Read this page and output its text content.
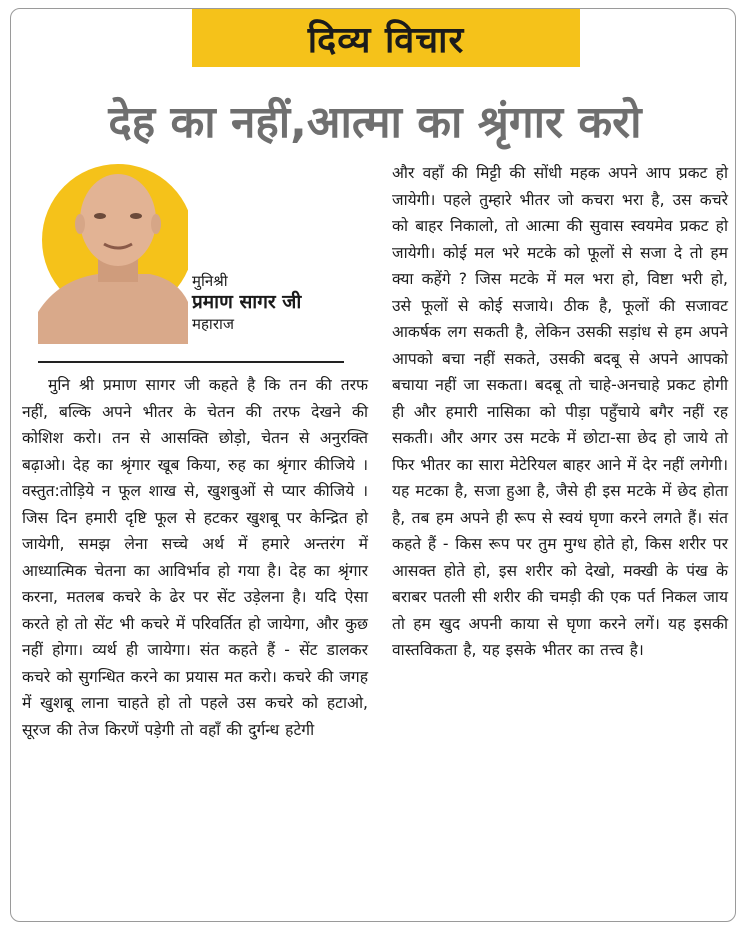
दिव्य विचार
देह का नहीं,आत्मा का श्रृंगार करो
मुनिश्री
प्रमाण सागर जी
महाराज
मुनि श्री प्रमाण सागर जी कहते है कि तन की तरफ नहीं, बल्कि अपने भीतर के चेतन की तरफ देखने की कोशिश करो। तन से आसक्ति छोड़ो, चेतन से अनुरक्ति बढ़ाओ। देह का श्रृंगार खूब किया, रुह का श्रृंगार कीजिये । वस्तुत:तोड़िये न फूल शाख से, खुशबुओं से प्यार कीजिये । जिस दिन हमारी दृष्टि फूल से हटकर खुशबू पर केन्द्रित हो जायेगी, समझ लेना सच्चे अर्थ में हमारे अन्तरंग में आध्यात्मिक चेतना का आविर्भाव हो गया है। देह का श्रृंगार करना, मतलब कचरे के ढेर पर सेंट उड़ेलना है। यदि ऐसा करते हो तो सेंट भी कचरे में परिवर्तित हो जायेगा, और कुछ नहीं होगा। व्यर्थ ही जायेगा। संत कहते हैं - सेंट डालकर कचरे को सुगन्धित करने का प्रयास मत करो। कचरे की जगह में खुशबू लाना चाहते हो तो पहले उस कचरे को हटाओ, सूरज की तेज किरणें पड़ेगी तो वहाँ की दुर्गन्ध हटेगी
और वहाँ की मिट्टी की सोंधी महक अपने आप प्रकट हो जायेगी। पहले तुम्हारे भीतर जो कचरा भरा है, उस कचरे को बाहर निकालो, तो आत्मा की सुवास स्वयमेव प्रकट हो जायेगी। कोई मल भरे मटके को फूलों से सजा दे तो हम क्या कहेंगे ? जिस मटके में मल भरा हो, विष्टा भरी हो, उसे फूलों से कोई सजाये। ठीक है, फूलों की सजावट आकर्षक लग सकती है, लेकिन उसकी सड़ांध से हम अपने आपको बचा नहीं सकते, उसकी बदबू से अपने आपको बचाया नहीं जा सकता। बदबू तो चाहे-अनचाहे प्रकट होगी ही और हमारी नासिका को पीड़ा पहुँचाये बगैर नहीं रह सकती। और अगर उस मटके में छोटा-सा छेद हो जाये तो फिर भीतर का सारा मेटेरियल बाहर आने में देर नहीं लगेगी। यह मटका है, सजा हुआ है, जैसे ही इस मटके में छेद होता है, तब हम अपने ही रूप से स्वयं घृणा करने लगते हैं। संत कहते हैं - किस रूप पर तुम मुग्ध होते हो, किस शरीर पर आसक्त होते हो, इस शरीर को देखो, मक्खी के पंख के बराबर पतली सी शरीर की चमड़ी की एक पर्त निकल जाय तो हम खुद अपनी काया से घृणा करने लगें। यह इसकी वास्तविकता है, यह इसके भीतर का तत्त्व है।
